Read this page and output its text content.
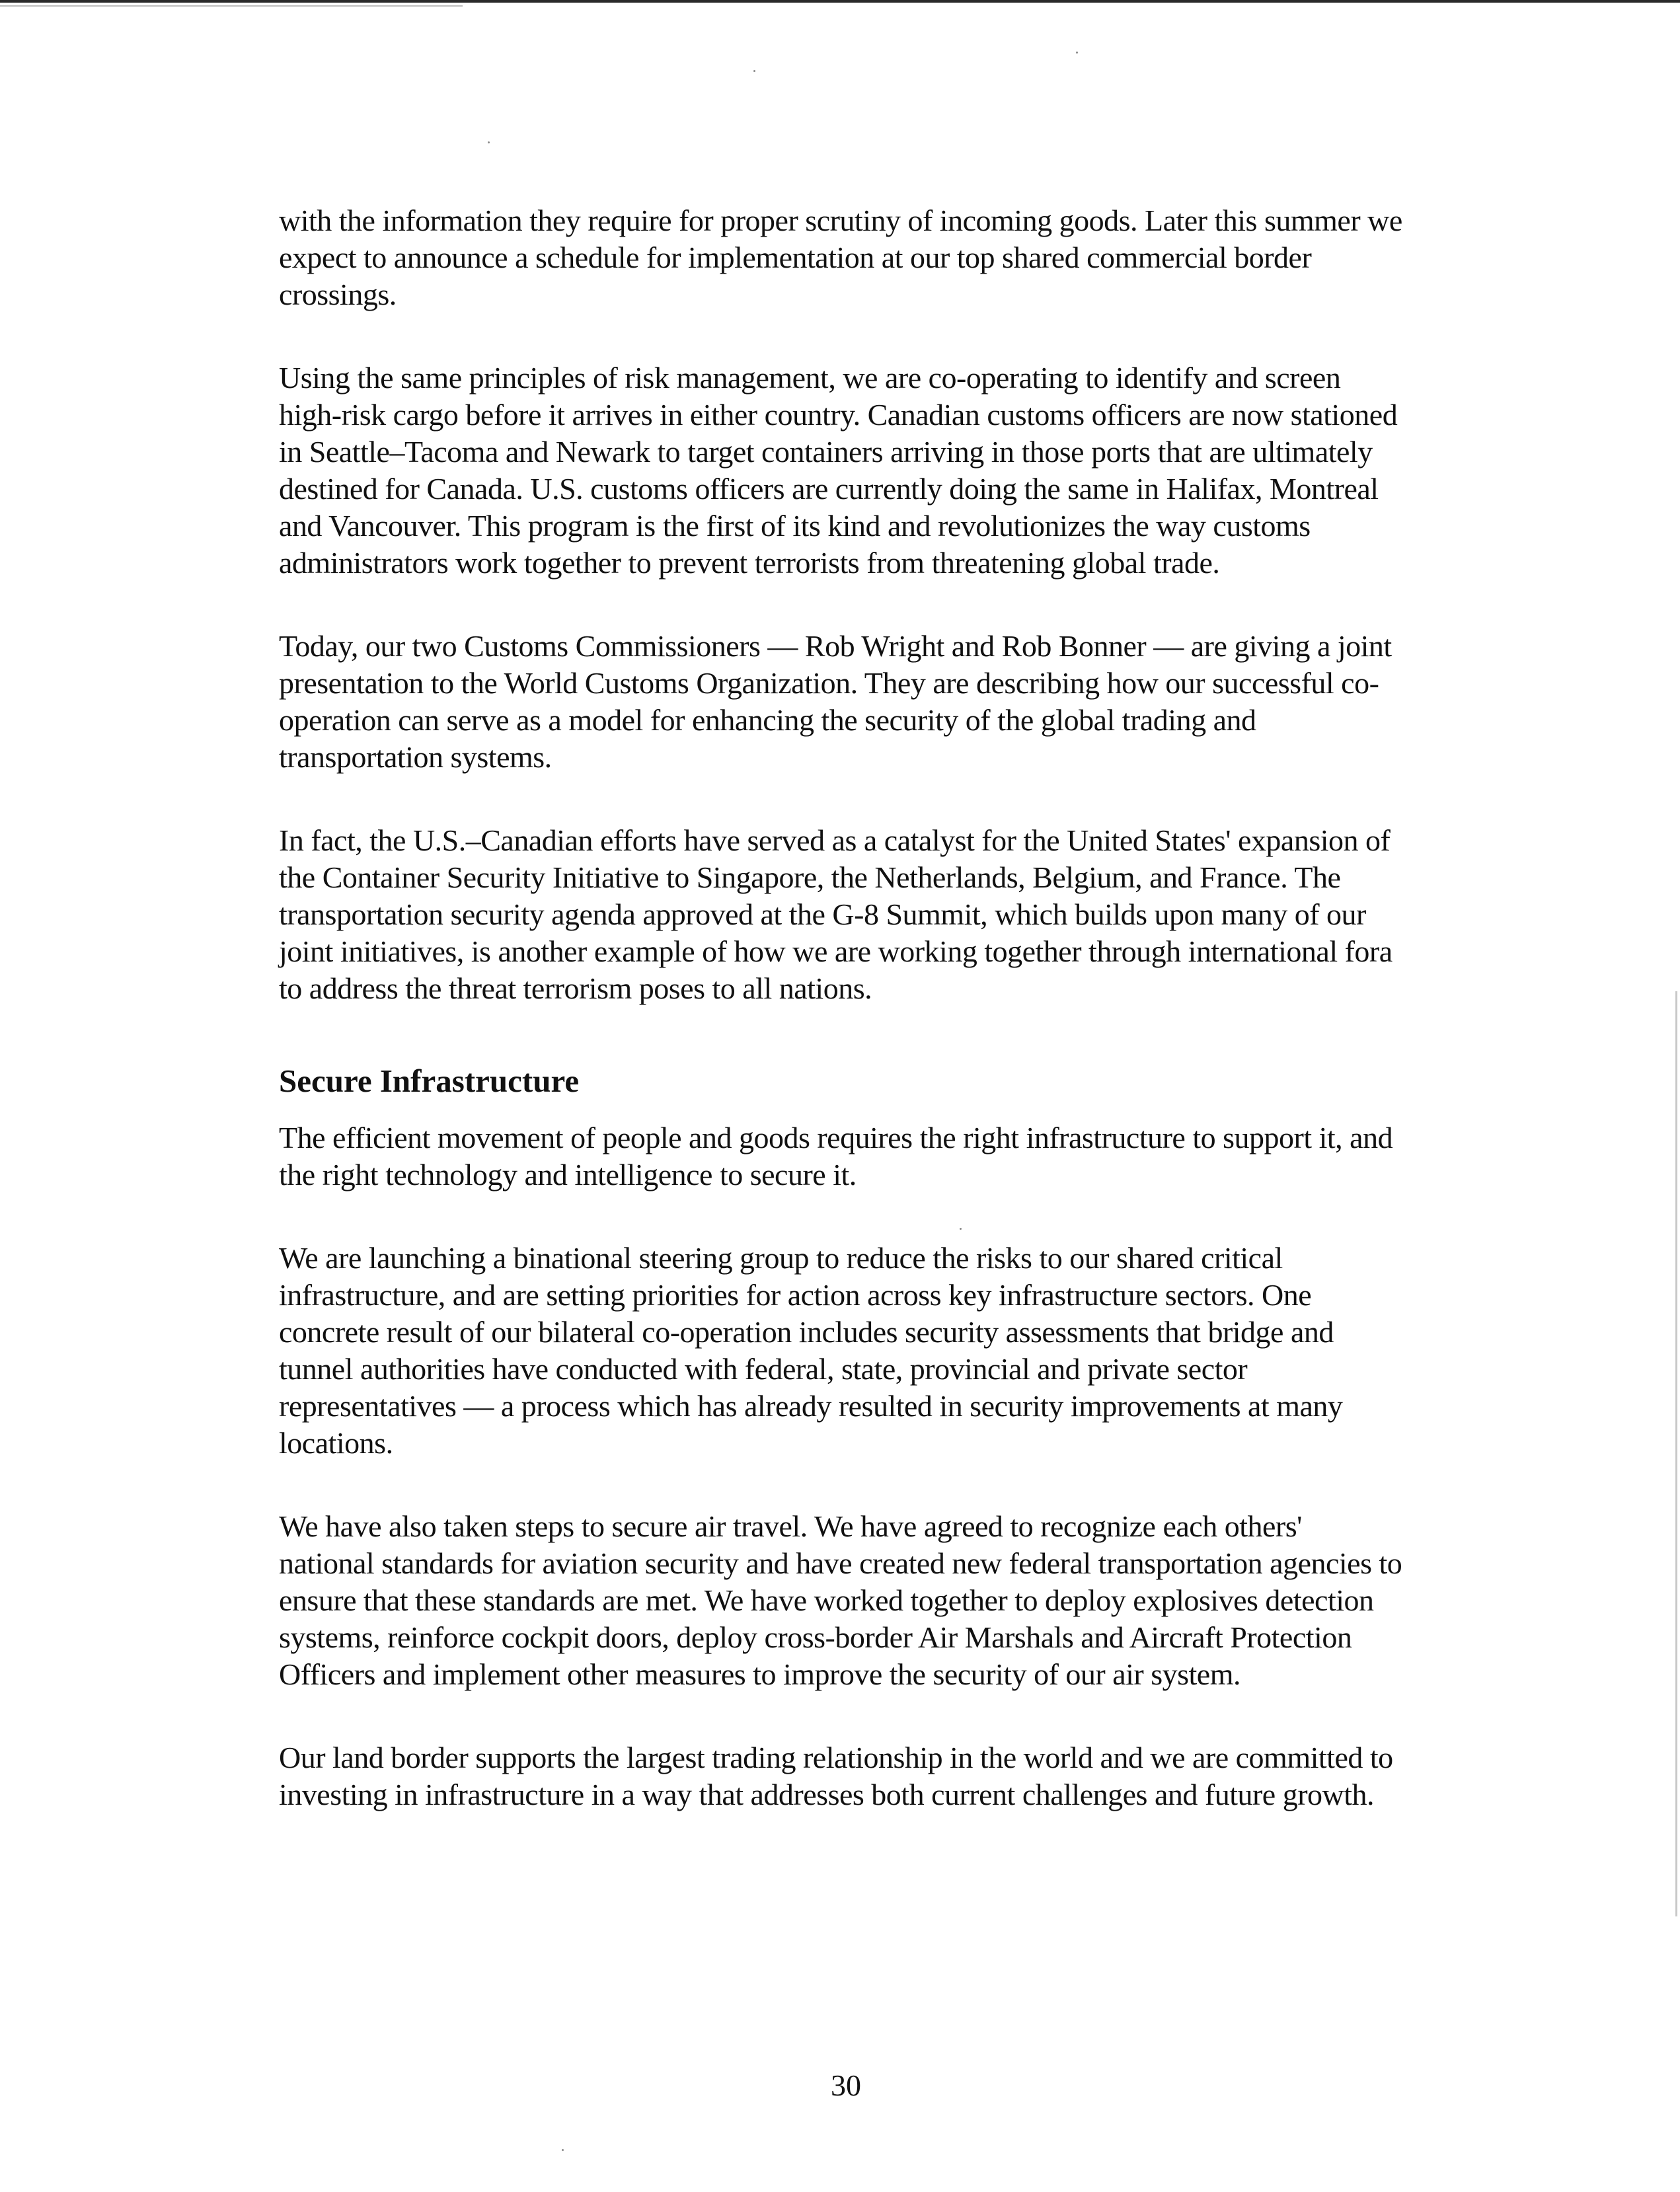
with the information they require for proper scrutiny of incoming goods. Later this summer we expect to announce a schedule for implementation at our top shared commercial border crossings.

Using the same principles of risk management, we are co-operating to identify and screen high-risk cargo before it arrives in either country. Canadian customs officers are now stationed in Seattle–Tacoma and Newark to target containers arriving in those ports that are ultimately destined for Canada. U.S. customs officers are currently doing the same in Halifax, Montreal and Vancouver. This program is the first of its kind and revolutionizes the way customs administrators work together to prevent terrorists from threatening global trade.

Today, our two Customs Commissioners — Rob Wright and Rob Bonner — are giving a joint presentation to the World Customs Organization. They are describing how our successful co-operation can serve as a model for enhancing the security of the global trading and transportation systems.

In fact, the U.S.–Canadian efforts have served as a catalyst for the United States' expansion of the Container Security Initiative to Singapore, the Netherlands, Belgium, and France. The transportation security agenda approved at the G-8 Summit, which builds upon many of our joint initiatives, is another example of how we are working together through international fora to address the threat terrorism poses to all nations.

Secure Infrastructure

The efficient movement of people and goods requires the right infrastructure to support it, and the right technology and intelligence to secure it.

We are launching a binational steering group to reduce the risks to our shared critical infrastructure, and are setting priorities for action across key infrastructure sectors. One concrete result of our bilateral co-operation includes security assessments that bridge and tunnel authorities have conducted with federal, state, provincial and private sector representatives — a process which has already resulted in security improvements at many locations.

We have also taken steps to secure air travel. We have agreed to recognize each others' national standards for aviation security and have created new federal transportation agencies to ensure that these standards are met. We have worked together to deploy explosives detection systems, reinforce cockpit doors, deploy cross-border Air Marshals and Aircraft Protection Officers and implement other measures to improve the security of our air system.

Our land border supports the largest trading relationship in the world and we are committed to investing in infrastructure in a way that addresses both current challenges and future growth.

30
